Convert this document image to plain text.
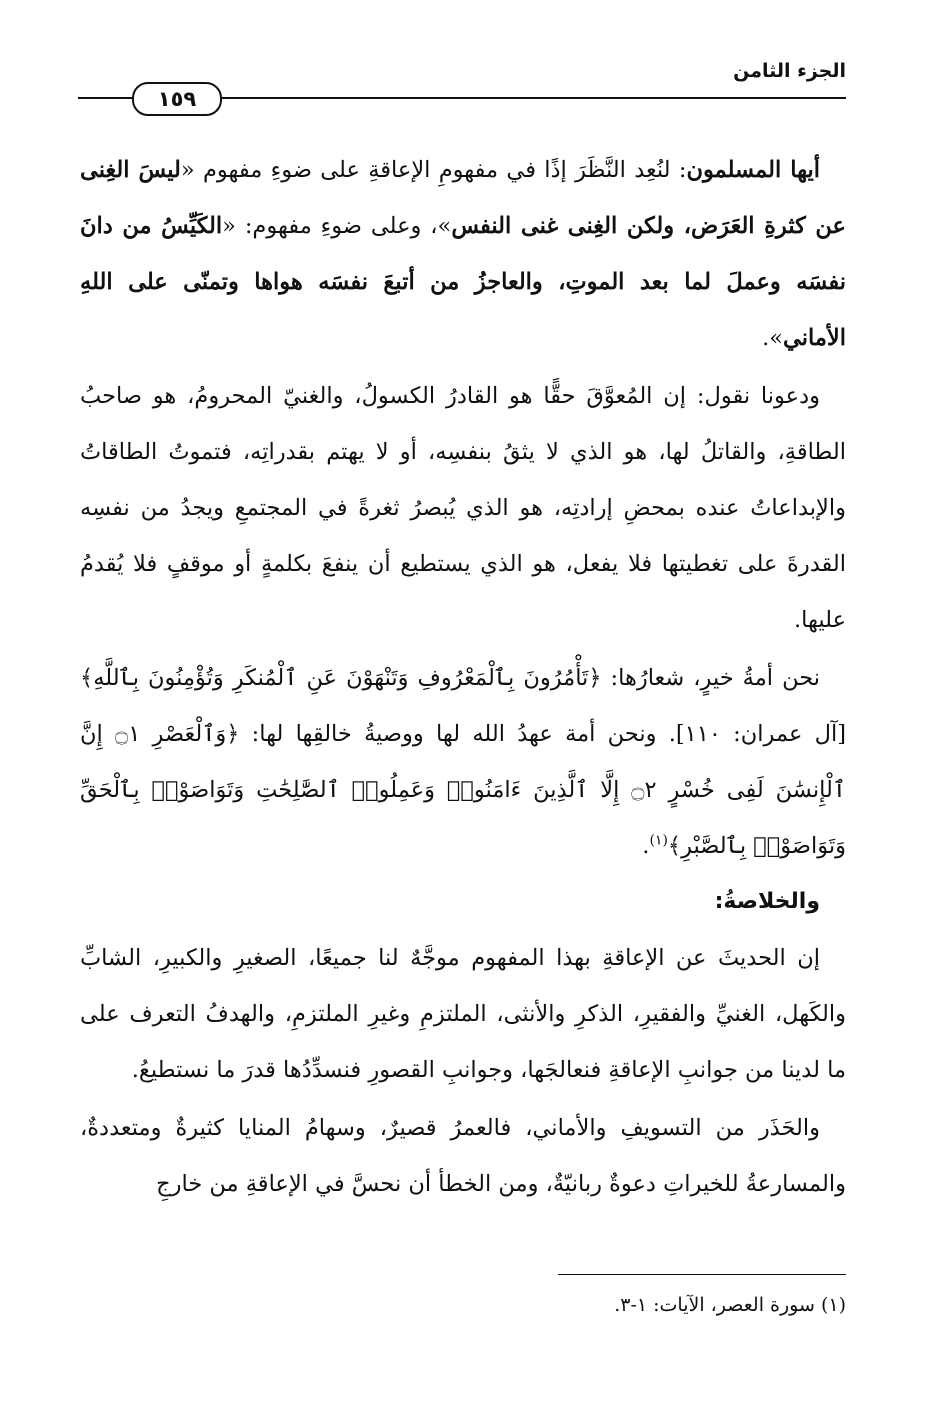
الجزء الثامن
١٥٩

أيها المسلمون: لنُعِد النَّظَرَ إذًا في مفهومِ الإعاقةِ على ضوءِ مفهوم «ليسَ الغِنى عن كثرةِ العَرَض، ولكن الغِنى غنى النفس»، وعلى ضوءِ مفهوم: «الكَيِّسُ من دانَ نفسَه وعملَ لما بعد الموتِ، والعاجزُ من أتبعَ نفسَه هواها وتمنّى على اللهِ الأماني».

ودعونا نقول: إن المُعوَّقَ حقًّا هو القادرُ الكسولُ، والغنيّ المحرومُ، هو صاحبُ الطاقةِ، والقاتلُ لها، هو الذي لا يثقُ بنفسِه، أو لا يهتم بقدراتِه، فتموتُ الطاقاتُ والإبداعاتُ عنده بمحضِ إرادتِه، هو الذي يُبصرُ ثغرةً في المجتمعِ ويجدُ من نفسِه القدرةَ على تغطيتها فلا يفعل، هو الذي يستطيع أن ينفعَ بكلمةٍ أو موقفٍ فلا يُقدمُ عليها.

نحن أمةُ خيرٍ، شعارُها: ﴿تَأْمُرُونَ بِٱلْمَعْرُوفِ وَتَنْهَوْنَ عَنِ ٱلْمُنكَرِ وَتُؤْمِنُونَ بِٱللَّهِ﴾ [آل عمران: ١١٠]. ونحن أمة عهدُ الله لها ووصيةُ خالقِها لها: ﴿وَٱلْعَصْرِ ۝١ إِنَّ ٱلْإِنسَٰنَ لَفِى خُسْرٍ ۝٢ إِلَّا ٱلَّذِينَ ءَامَنُوا۟ وَعَمِلُوا۟ ٱلصَّٰلِحَٰتِ وَتَوَاصَوْا۟ بِٱلْحَقِّ وَتَوَاصَوْا۟ بِٱلصَّبْرِ﴾$^{(١)}$.

والخلاصةُ:

إن الحديثَ عن الإعاقةِ بهذا المفهوم موجَّهٌ لنا جميعًا، الصغيرِ والكبيرِ، الشابِّ والكَهل، الغنيِّ والفقيرِ، الذكرِ والأنثى، الملتزمِ وغيرِ الملتزمِ، والهدفُ التعرف على ما لدينا من جوانبِ الإعاقةِ فنعالجَها، وجوانبِ القصورِ فنسدِّدُها قدرَ ما نستطيعُ.

والحَذَر من التسويفِ والأماني، فالعمرُ قصيرٌ، وسهامُ المنايا كثيرةٌ ومتعددةٌ، والمسارعةُ للخيراتِ دعوةٌ ربانيّةٌ، ومن الخطأ أن نحسَّ في الإعاقةِ من خارجِ

(١) سورة العصر، الآيات: ١-٣.
